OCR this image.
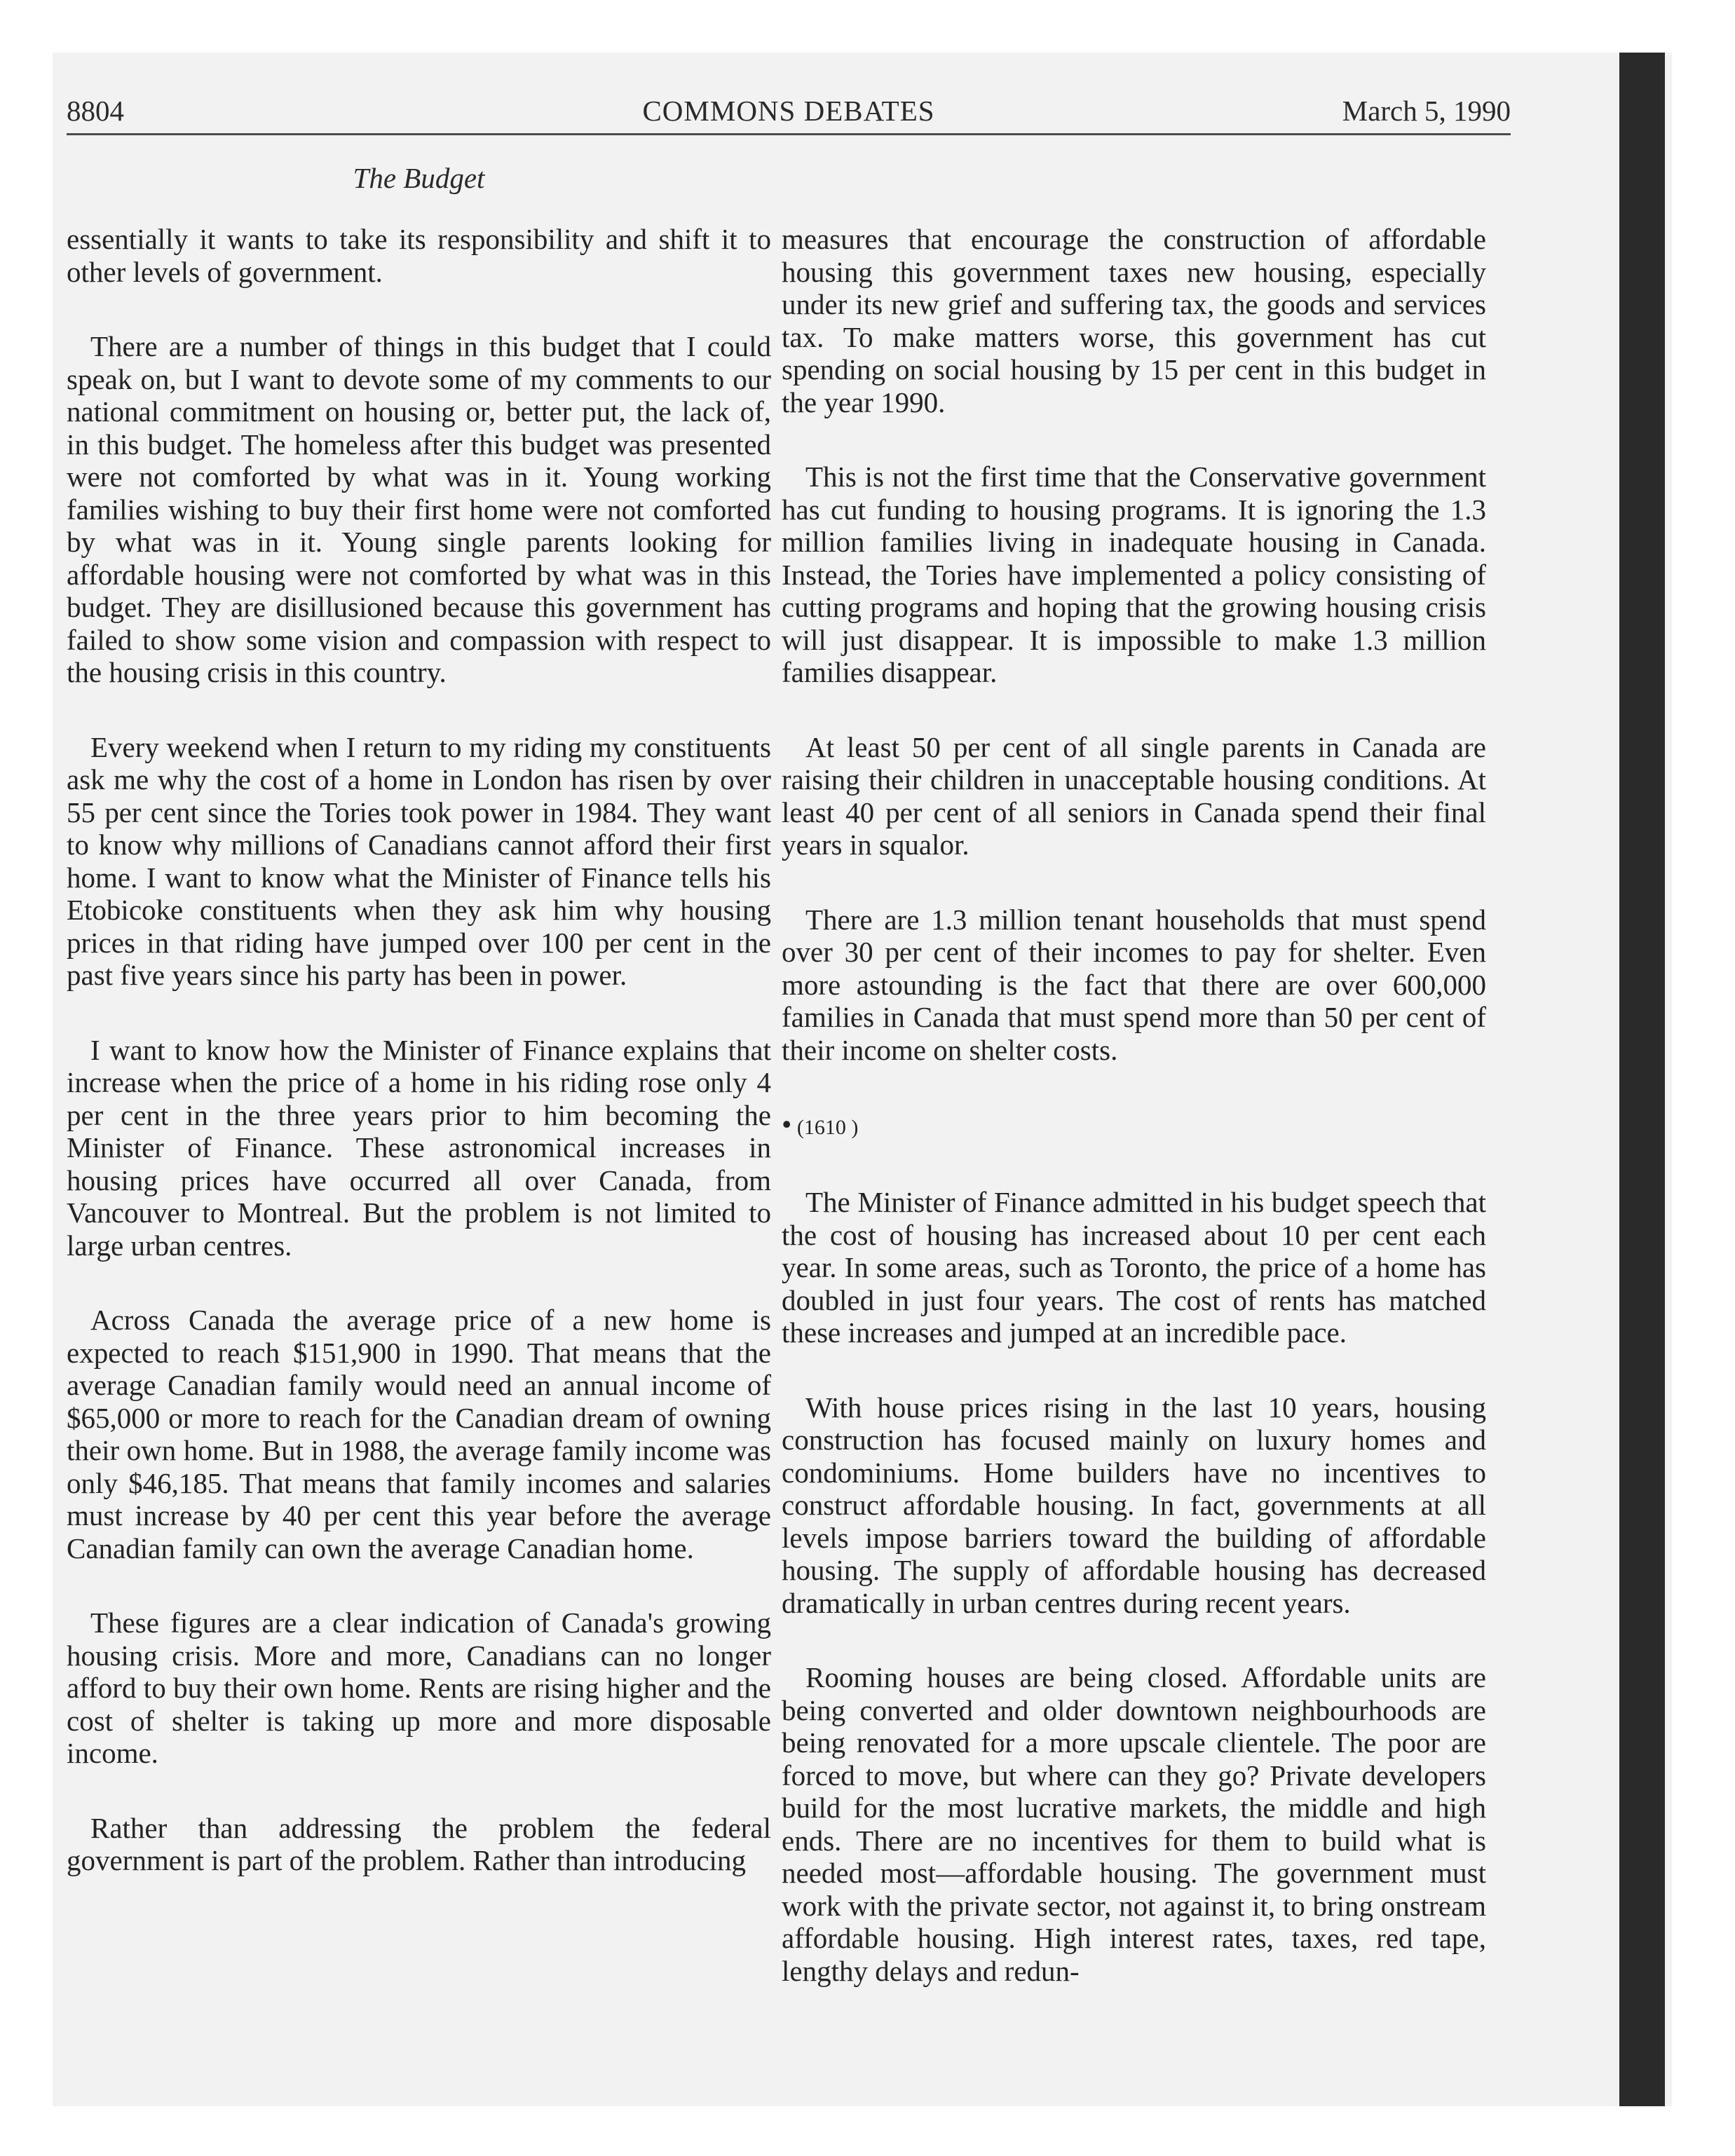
8804	COMMONS DEBATES	March 5, 1990
The Budget

essentially it wants to take its responsibility and shift it to other levels of government.

There are a number of things in this budget that I could speak on, but I want to devote some of my comments to our national commitment on housing or, better put, the lack of, in this budget. The homeless after this budget was presented were not comforted by what was in it. Young working families wishing to buy their first home were not comforted by what was in it. Young single parents looking for affordable housing were not comforted by what was in this budget. They are disillusioned because this government has failed to show some vision and compassion with respect to the housing crisis in this country.

Every weekend when I return to my riding my constituents ask me why the cost of a home in London has risen by over 55 per cent since the Tories took power in 1984. They want to know why millions of Canadians cannot afford their first home. I want to know what the Minister of Finance tells his Etobicoke constituents when they ask him why housing prices in that riding have jumped over 100 per cent in the past five years since his party has been in power.

I want to know how the Minister of Finance explains that increase when the price of a home in his riding rose only 4 per cent in the three years prior to him becoming the Minister of Finance. These astronomical increases in housing prices have occurred all over Canada, from Vancouver to Montreal. But the problem is not limited to large urban centres.

Across Canada the average price of a new home is expected to reach $151,900 in 1990. That means that the average Canadian family would need an annual income of $65,000 or more to reach for the Canadian dream of owning their own home. But in 1988, the average family income was only $46,185. That means that family incomes and salaries must increase by 40 per cent this year before the average Canadian family can own the average Canadian home.

These figures are a clear indication of Canada's growing housing crisis. More and more, Canadians can no longer afford to buy their own home. Rents are rising higher and the cost of shelter is taking up more and more disposable income.

Rather than addressing the problem the federal government is part of the problem. Rather than introducing

measures that encourage the construction of affordable housing this government taxes new housing, especially under its new grief and suffering tax, the goods and services tax. To make matters worse, this government has cut spending on social housing by 15 per cent in this budget in the year 1990.

This is not the first time that the Conservative government has cut funding to housing programs. It is ignoring the 1.3 million families living in inadequate housing in Canada. Instead, the Tories have implemented a policy consisting of cutting programs and hoping that the growing housing crisis will just disappear. It is impossible to make 1.3 million families disappear.

At least 50 per cent of all single parents in Canada are raising their children in unacceptable housing conditions. At least 40 per cent of all seniors in Canada spend their final years in squalor.

There are 1.3 million tenant households that must spend over 30 per cent of their incomes to pay for shelter. Even more astounding is the fact that there are over 600,000 families in Canada that must spend more than 50 per cent of their income on shelter costs.

• (1610 )

The Minister of Finance admitted in his budget speech that the cost of housing has increased about 10 per cent each year. In some areas, such as Toronto, the price of a home has doubled in just four years. The cost of rents has matched these increases and jumped at an incredible pace.

With house prices rising in the last 10 years, housing construction has focused mainly on luxury homes and condominiums. Home builders have no incentives to construct affordable housing. In fact, governments at all levels impose barriers toward the building of affordable housing. The supply of affordable housing has decreased dramatically in urban centres during recent years.

Rooming houses are being closed. Affordable units are being converted and older downtown neighbourhoods are being renovated for a more upscale clientele. The poor are forced to move, but where can they go? Private developers build for the most lucrative markets, the middle and high ends. There are no incentives for them to build what is needed most—affordable housing. The government must work with the private sector, not against it, to bring onstream affordable housing. High interest rates, taxes, red tape, lengthy delays and redun-
